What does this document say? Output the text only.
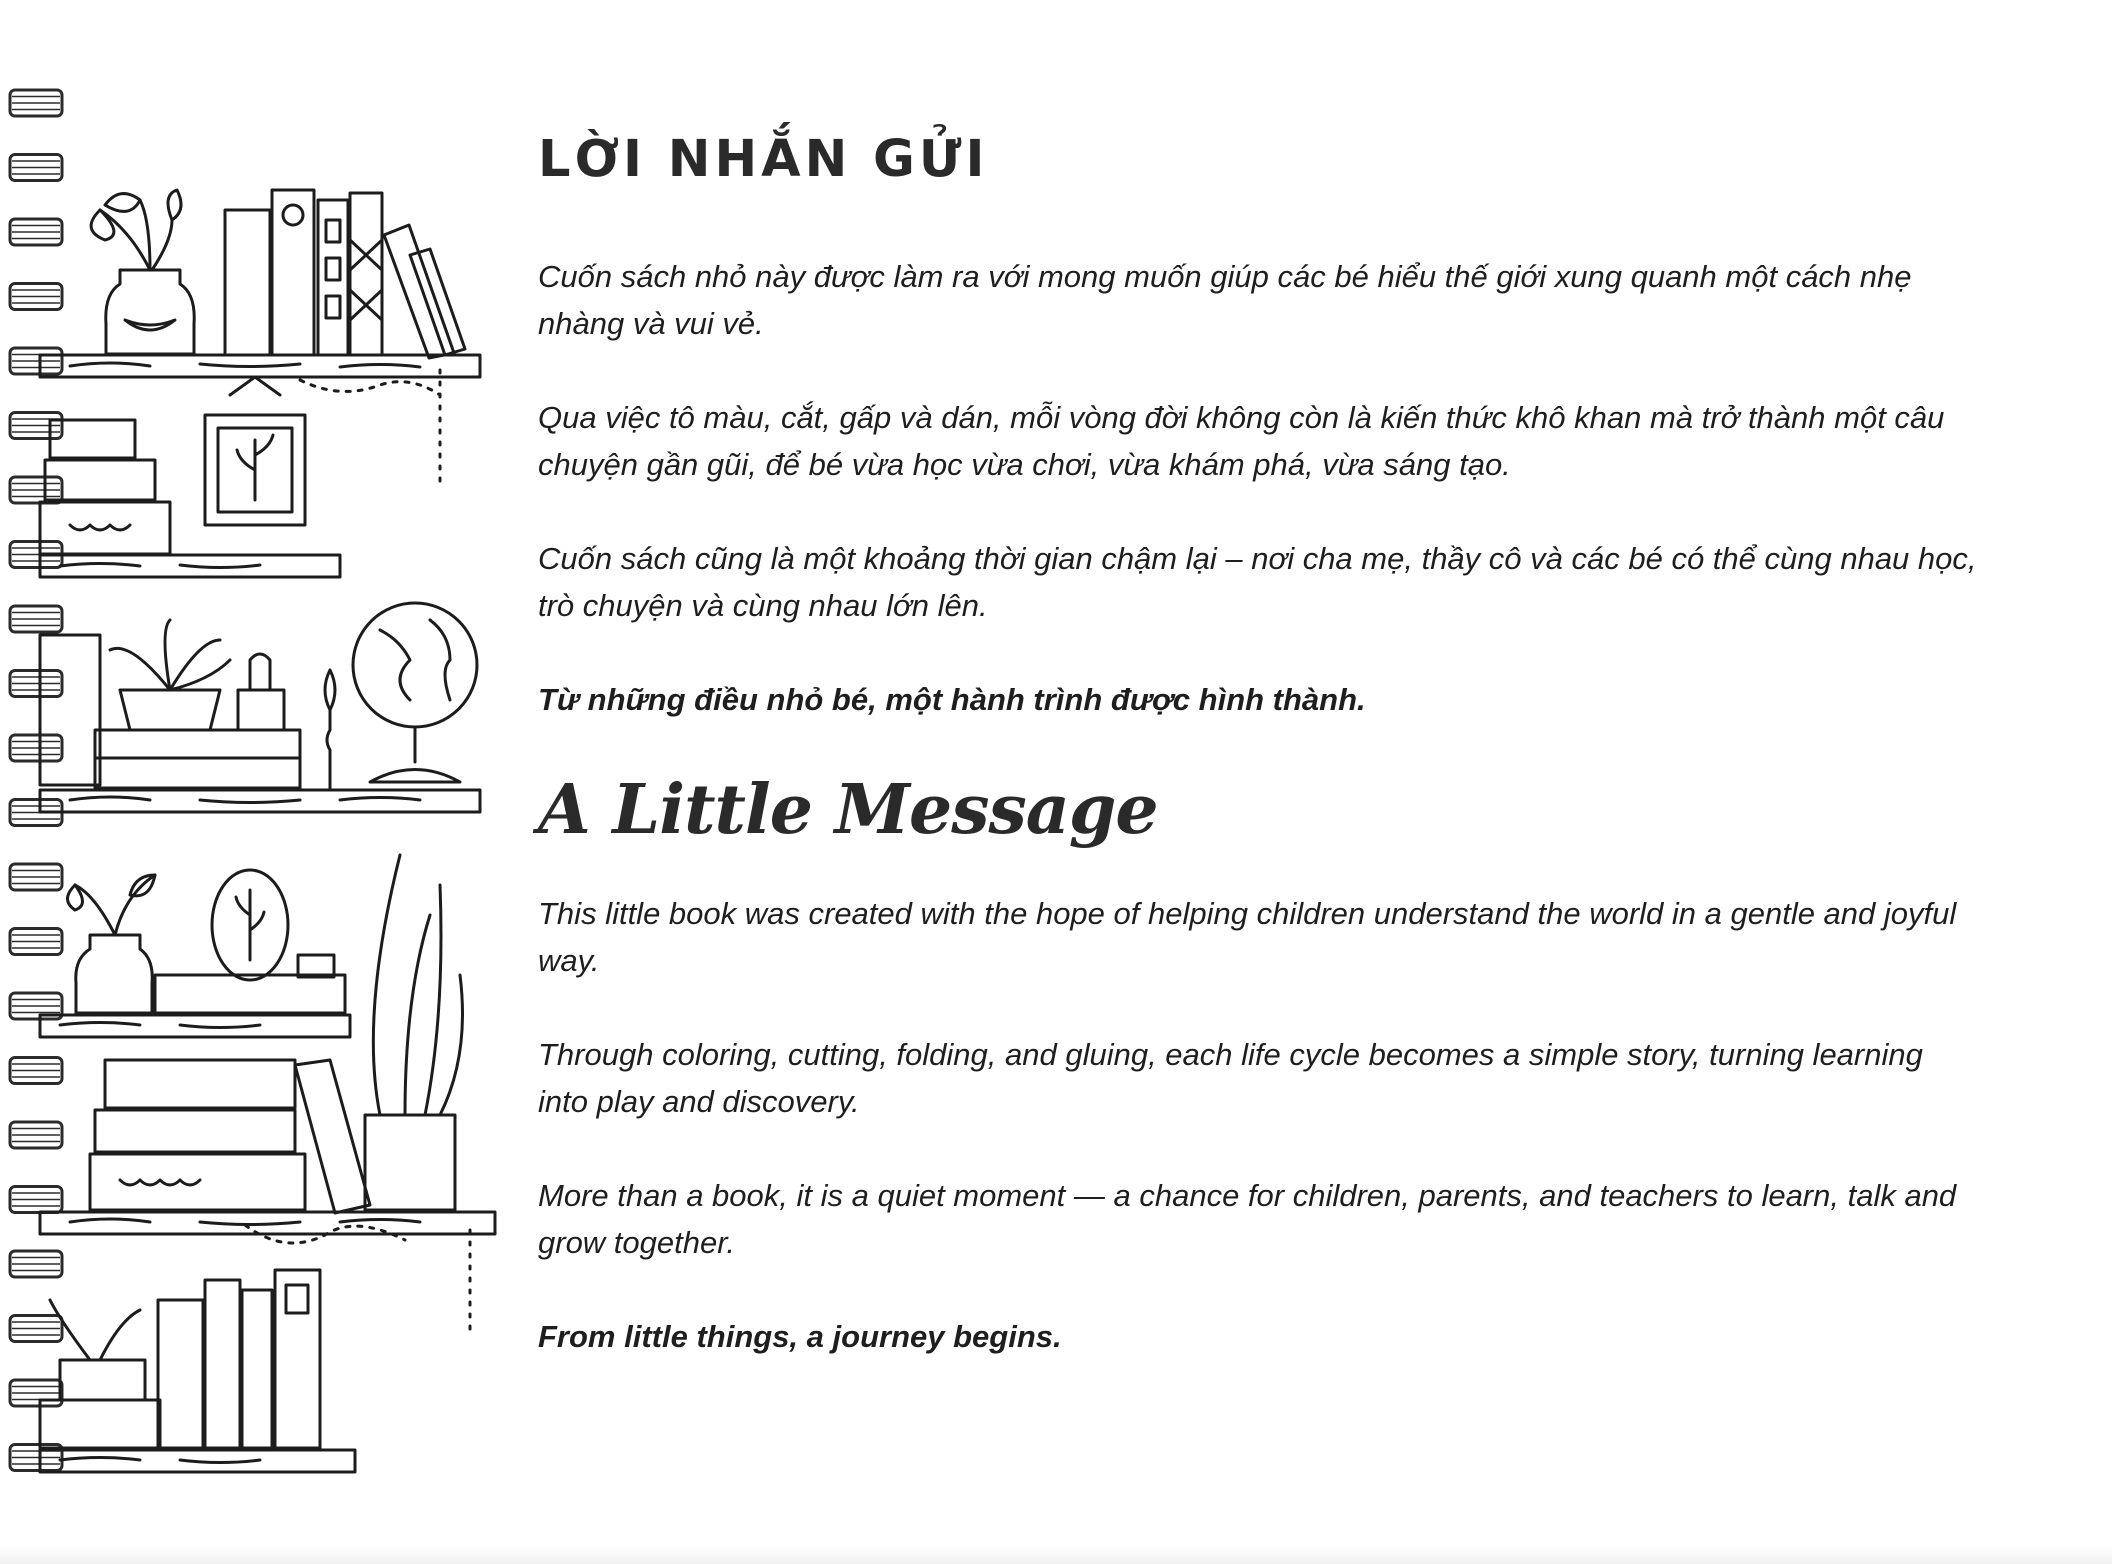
LỜI NHẮN GỬI

Cuốn sách nhỏ này được làm ra với mong muốn giúp các bé hiểu thế giới xung quanh một cách nhẹ nhàng và vui vẻ.

Qua việc tô màu, cắt, gấp và dán, mỗi vòng đời không còn là kiến thức khô khan mà trở thành một câu chuyện gần gũi, để bé vừa học vừa chơi, vừa khám phá, vừa sáng tạo.

Cuốn sách cũng là một khoảng thời gian chậm lại – nơi cha mẹ, thầy cô và các bé có thể cùng nhau học, trò chuyện và cùng nhau lớn lên.

Từ những điều nhỏ bé, một hành trình được hình thành.

A Little Message

This little book was created with the hope of helping children understand the world in a gentle and joyful way.

Through coloring, cutting, folding, and gluing, each life cycle becomes a simple story, turning learning into play and discovery.

More than a book, it is a quiet moment — a chance for children, parents, and teachers to learn, talk and grow together.

From little things, a journey begins.
